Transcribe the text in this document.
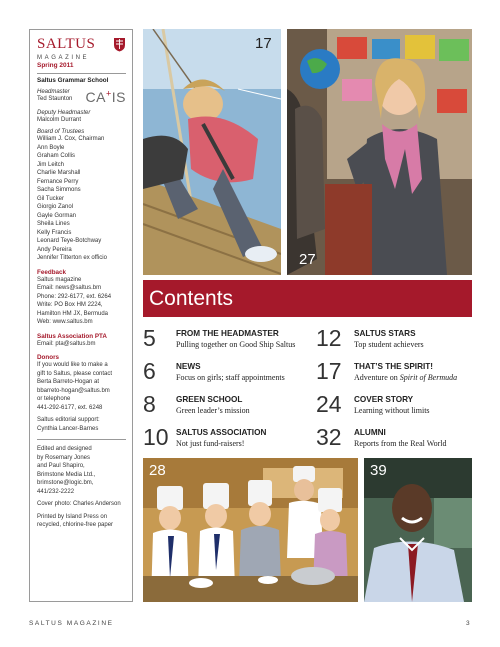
SALTUS
MAGAZINE
Spring 2011
Saltus Grammar School
Headmaster
Ted Staunton CA+IS
Deputy Headmaster
Malcolm Durrant
Board of Trustees
William J. Cox, Chairman
Ann Boyle
Graham Collis
Jim Leitch
Charlie Marshall
Fernance Perry
Sacha Simmons
Gil Tucker
Giorgio Zanol
Gayle Gorman
Sheila Lines
Kelly Francis
Leonard Teye-Botchway
Andy Pereira
Jennifer Titterton ex officio
Feedback
Saltus magazine
Email: news@saltus.bm
Phone: 292-6177, ext. 6264
Write: PO Box HM 2224,
Hamilton HM JX, Bermuda
Web: www.saltus.bm
Saltus Association PTA
Email: pta@saltus.bm
Donors
If you would like to make a
gift to Saltus, please contact
Berta Barreto-Hogan at
bbarreto-hogan@saltus.bm
or telephone
441-292-6177, ext. 6248
Saltus editorial support:
Cynthia Lancer-Barnes
Edited and designed
by Rosemary Jones
and Paul Shapiro,
Brimstone Media Ltd.,
brimstone@logic.bm,
441/232-2222
Cover photo: Charles Anderson
Printed by Island Press on
recycled, chlorine-free paper
17
27
Contents
5 FROM THE HEADMASTER
Pulling together on Good Ship Saltus
6 NEWS
Focus on girls; staff appointments
8 GREEN SCHOOL
Green leader’s mission
10 SALTUS ASSOCIATION
Not just fund-raisers!
12 SALTUS STARS
Top student achievers
17 THAT’S THE SPIRIT!
Adventure on Spirit of Bermuda
24 COVER STORY
Learning without limits
32 ALUMNI
Reports from the Real World
28	39
SALTUS MAGAZINE	3
